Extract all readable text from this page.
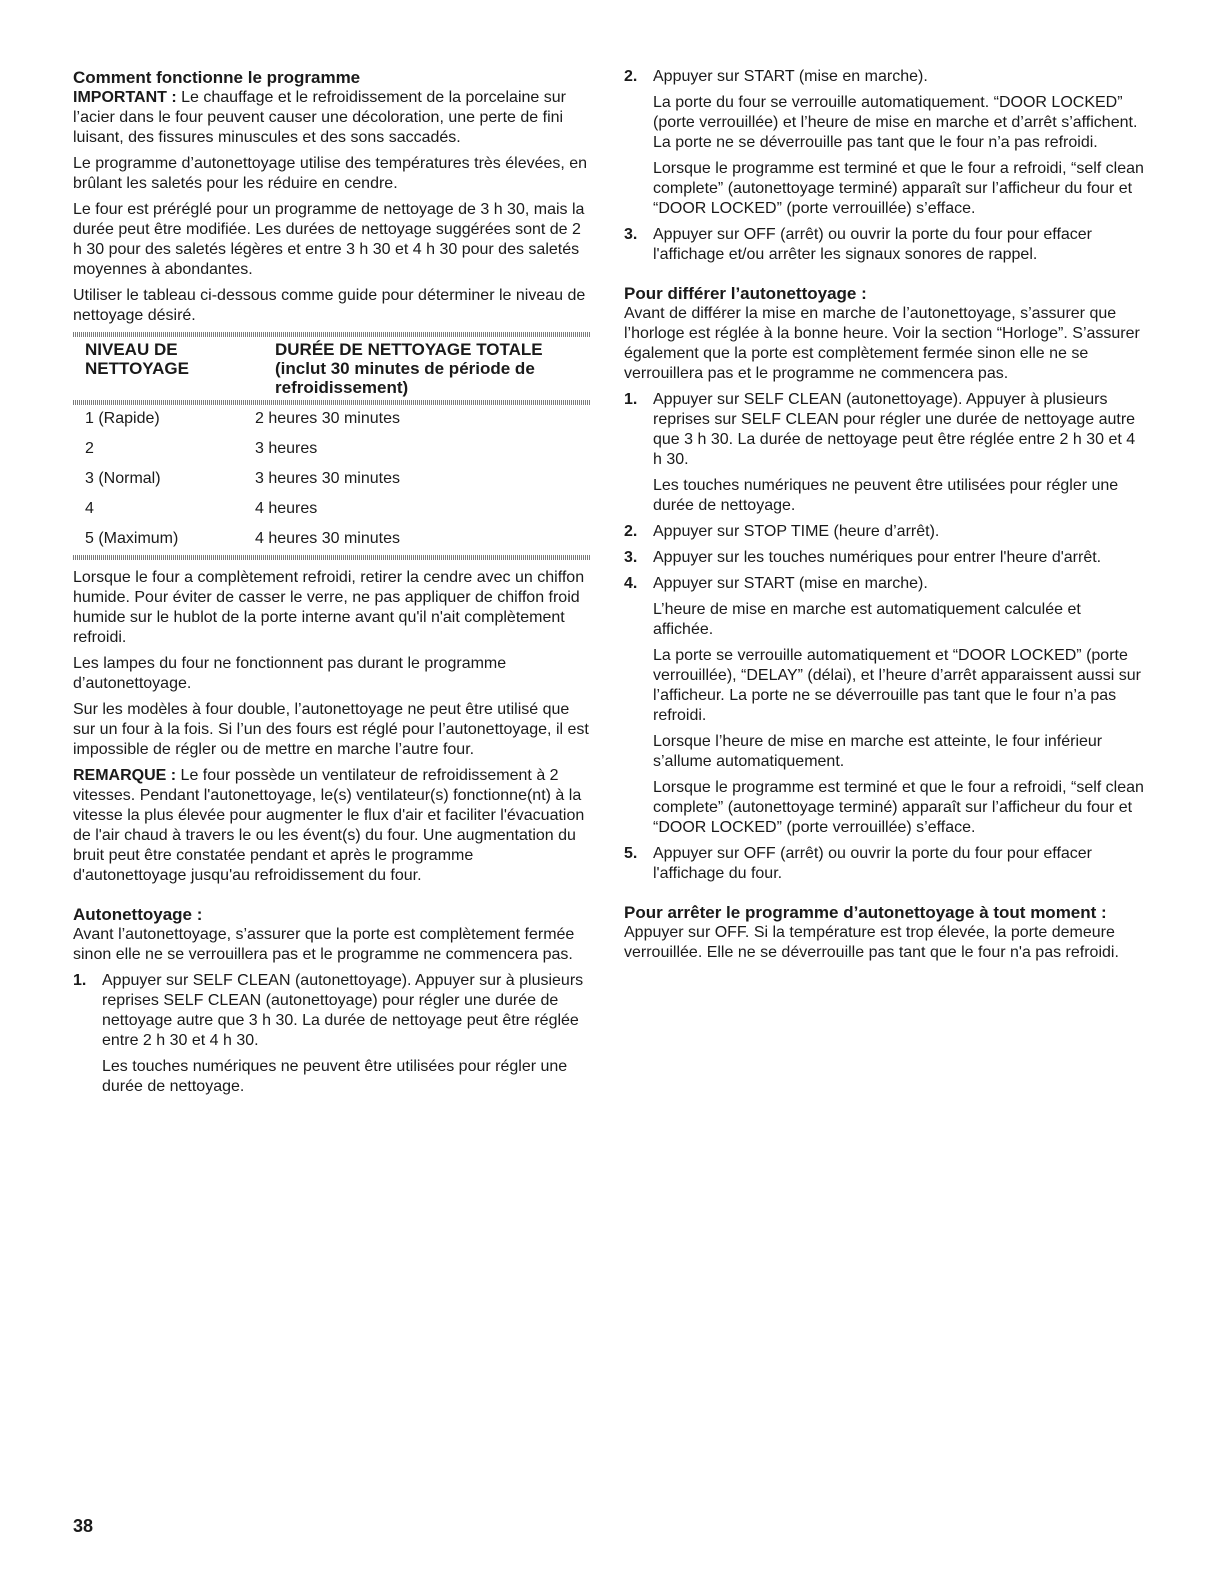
Comment fonctionne le programme

IMPORTANT : Le chauffage et le refroidissement de la porcelaine sur l’acier dans le four peuvent causer une décoloration, une perte de fini luisant, des fissures minuscules et des sons saccadés.

Le programme d’autonettoyage utilise des températures très élevées, en brûlant les saletés pour les réduire en cendre.

Le four est préréglé pour un programme de nettoyage de 3 h 30, mais la durée peut être modifiée. Les durées de nettoyage suggérées sont de 2 h 30 pour des saletés légères et entre 3 h 30 et 4 h 30 pour des saletés moyennes à abondantes.

Utiliser le tableau ci-dessous comme guide pour déterminer le niveau de nettoyage désiré.

NIVEAU DE NETTOYAGE	DURÉE DE NETTOYAGE TOTALE (inclut 30 minutes de période de refroidissement)
1 (Rapide)	2 heures 30 minutes
2	3 heures
3 (Normal)	3 heures 30 minutes
4	4 heures
5 (Maximum)	4 heures 30 minutes

Lorsque le four a complètement refroidi, retirer la cendre avec un chiffon humide. Pour éviter de casser le verre, ne pas appliquer de chiffon froid humide sur le hublot de la porte interne avant qu'il n'ait complètement refroidi.

Les lampes du four ne fonctionnent pas durant le programme d’autonettoyage.

Sur les modèles à four double, l’autonettoyage ne peut être utilisé que sur un four à la fois. Si l’un des fours est réglé pour l’autonettoyage, il est impossible de régler ou de mettre en marche l’autre four.

REMARQUE : Le four possède un ventilateur de refroidissement à 2 vitesses. Pendant l'autonettoyage, le(s) ventilateur(s) fonctionne(nt) à la vitesse la plus élevée pour augmenter le flux d'air et faciliter l'évacuation de l'air chaud à travers le ou les évent(s) du four. Une augmentation du bruit peut être constatée pendant et après le programme d'autonettoyage jusqu'au refroidissement du four.

Autonettoyage :

Avant l’autonettoyage, s’assurer que la porte est complètement fermée sinon elle ne se verrouillera pas et le programme ne commencera pas.

1. Appuyer sur SELF CLEAN (autonettoyage). Appuyer sur à plusieurs reprises SELF CLEAN (autonettoyage) pour régler une durée de nettoyage autre que 3 h 30. La durée de nettoyage peut être réglée entre 2 h 30 et 4 h 30.

Les touches numériques ne peuvent être utilisées pour régler une durée de nettoyage.

2. Appuyer sur START (mise en marche).

La porte du four se verrouille automatiquement. “DOOR LOCKED” (porte verrouillée) et l’heure de mise en marche et d’arrêt s’affichent. La porte ne se déverrouille pas tant que le four n’a pas refroidi.

Lorsque le programme est terminé et que le four a refroidi, “self clean complete” (autonettoyage terminé) apparaît sur l’afficheur du four et “DOOR LOCKED” (porte verrouillée) s’efface.

3. Appuyer sur OFF (arrêt) ou ouvrir la porte du four pour effacer l'affichage et/ou arrêter les signaux sonores de rappel.

Pour différer l’autonettoyage :

Avant de différer la mise en marche de l’autonettoyage, s’assurer que l’horloge est réglée à la bonne heure. Voir la section “Horloge”. S’assurer également que la porte est complètement fermée sinon elle ne se verrouillera pas et le programme ne commencera pas.

1. Appuyer sur SELF CLEAN (autonettoyage). Appuyer à plusieurs reprises sur SELF CLEAN pour régler une durée de nettoyage autre que 3 h 30. La durée de nettoyage peut être réglée entre 2 h 30 et 4 h 30.

Les touches numériques ne peuvent être utilisées pour régler une durée de nettoyage.

2. Appuyer sur STOP TIME (heure d’arrêt).

3. Appuyer sur les touches numériques pour entrer l'heure d'arrêt.

4. Appuyer sur START (mise en marche).

L’heure de mise en marche est automatiquement calculée et affichée.

La porte se verrouille automatiquement et “DOOR LOCKED” (porte verrouillée), “DELAY” (délai), et l’heure d’arrêt apparaissent aussi sur l’afficheur. La porte ne se déverrouille pas tant que le four n’a pas refroidi.

Lorsque l’heure de mise en marche est atteinte, le four inférieur s’allume automatiquement.

Lorsque le programme est terminé et que le four a refroidi, “self clean complete” (autonettoyage terminé) apparaît sur l’afficheur du four et “DOOR LOCKED” (porte verrouillée) s’efface.

5. Appuyer sur OFF (arrêt) ou ouvrir la porte du four pour effacer l'affichage du four.

Pour arrêter le programme d’autonettoyage à tout moment :

Appuyer sur OFF. Si la température est trop élevée, la porte demeure verrouillée. Elle ne se déverrouille pas tant que le four n'a pas refroidi.

38
